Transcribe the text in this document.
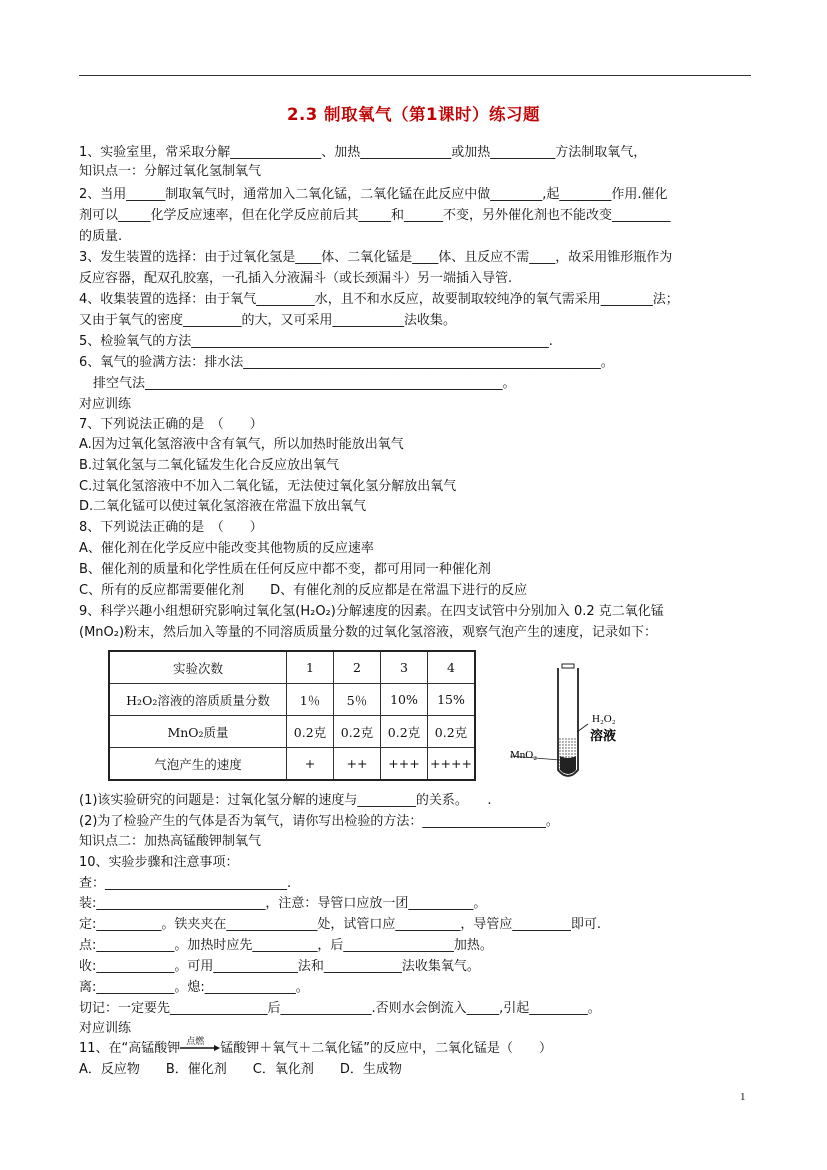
2.3 制取氧气（第1课时）练习题
1、实验室里，常采取分解______________、加热______________或加热__________方法制取氧气，
知识点一：分解过氧化氢制氧气
2、当用______制取氧气时，通常加入二氧化锰，二氧化锰在此反应中做________,起________作用.催化
剂可以_____化学反应速率，但在化学反应前后其_____和______不变，另外催化剂也不能改变_________
的质量.
3、发生装置的选择：由于过氧化氢是____体、二氧化锰是____体、且反应不需____，故采用锥形瓶作为
反应容器，配双孔胶塞，一孔插入分液漏斗（或长颈漏斗）另一端插入导管.
4、收集装置的选择：由于氧气_________水，且不和水反应，故要制取较纯净的氧气需采用________法；
又由于氧气的密度_________的大，又可采用___________法收集。
5、检验氧气的方法_______________________________________________________.
6、氧气的验满方法：排水法_______________________________________________________。
排空气法_______________________________________________________。
对应训练
7、下列说法正确的是　（　　）
A.因为过氧化氢溶液中含有氧气，所以加热时能放出氧气
B.过氧化氢与二氧化锰发生化合反应放出氧气
C.过氧化氢溶液中不加入二氧化锰，无法使过氧化氢分解放出氧气
D.二氧化锰可以使过氧化氢溶液在常温下放出氧气
8、下列说法正确的是　（　　）
A、催化剂在化学反应中能改变其他物质的反应速率
B、催化剂的质量和化学性质在任何反应中都不变，都可用同一种催化剂
C、所有的反应都需要催化剂　　D、有催化剂的反应都是在常温下进行的反应
9、科学兴趣小组想研究影响过氧化氢(H₂O₂)分解速度的因素。在四支试管中分别加入 0.2 克二氧化锰
(MnO₂)粉末，然后加入等量的不同溶质质量分数的过氧化氢溶液，观察气泡产生的速度，记录如下：
实验次数	1	2	3	4
H₂O₂溶液的溶质质量分数	1％	5％	10%	15%
MnO₂质量	0.2克	0.2克	0.2克	0.2克
气泡产生的速度	+	++	+++	++++
H₂O₂
溶液
MnO₂
(1)该实验研究的问题是：过氧化氢分解的速度与_________的关系。　　.
(2)为了检验产生的气体是否为氧气，请你写出检验的方法：___________________。
知识点二：加热高锰酸钾制氧气
10、实验步骤和注意事项：
查：____________________________.
装:__________________________，注意：导管口应放一团__________。
定:__________。铁夹夹在______________处，试管口应__________，导管应_________即可.
点:____________。加热时应先__________，后_________________加热。
收:____________。可用_____________法和____________法收集氧气。
离:____________。熄:______________。
切记：一定要先_______________后______________.否则水会倒流入_____,引起_________。
对应训练
11、在“高锰酸钾 点燃 锰酸钾＋氧气＋二氧化锰”的反应中，二氧化锰是（　　）
A．反应物　　B．催化剂　　C．氧化剂　　D．生成物
1
